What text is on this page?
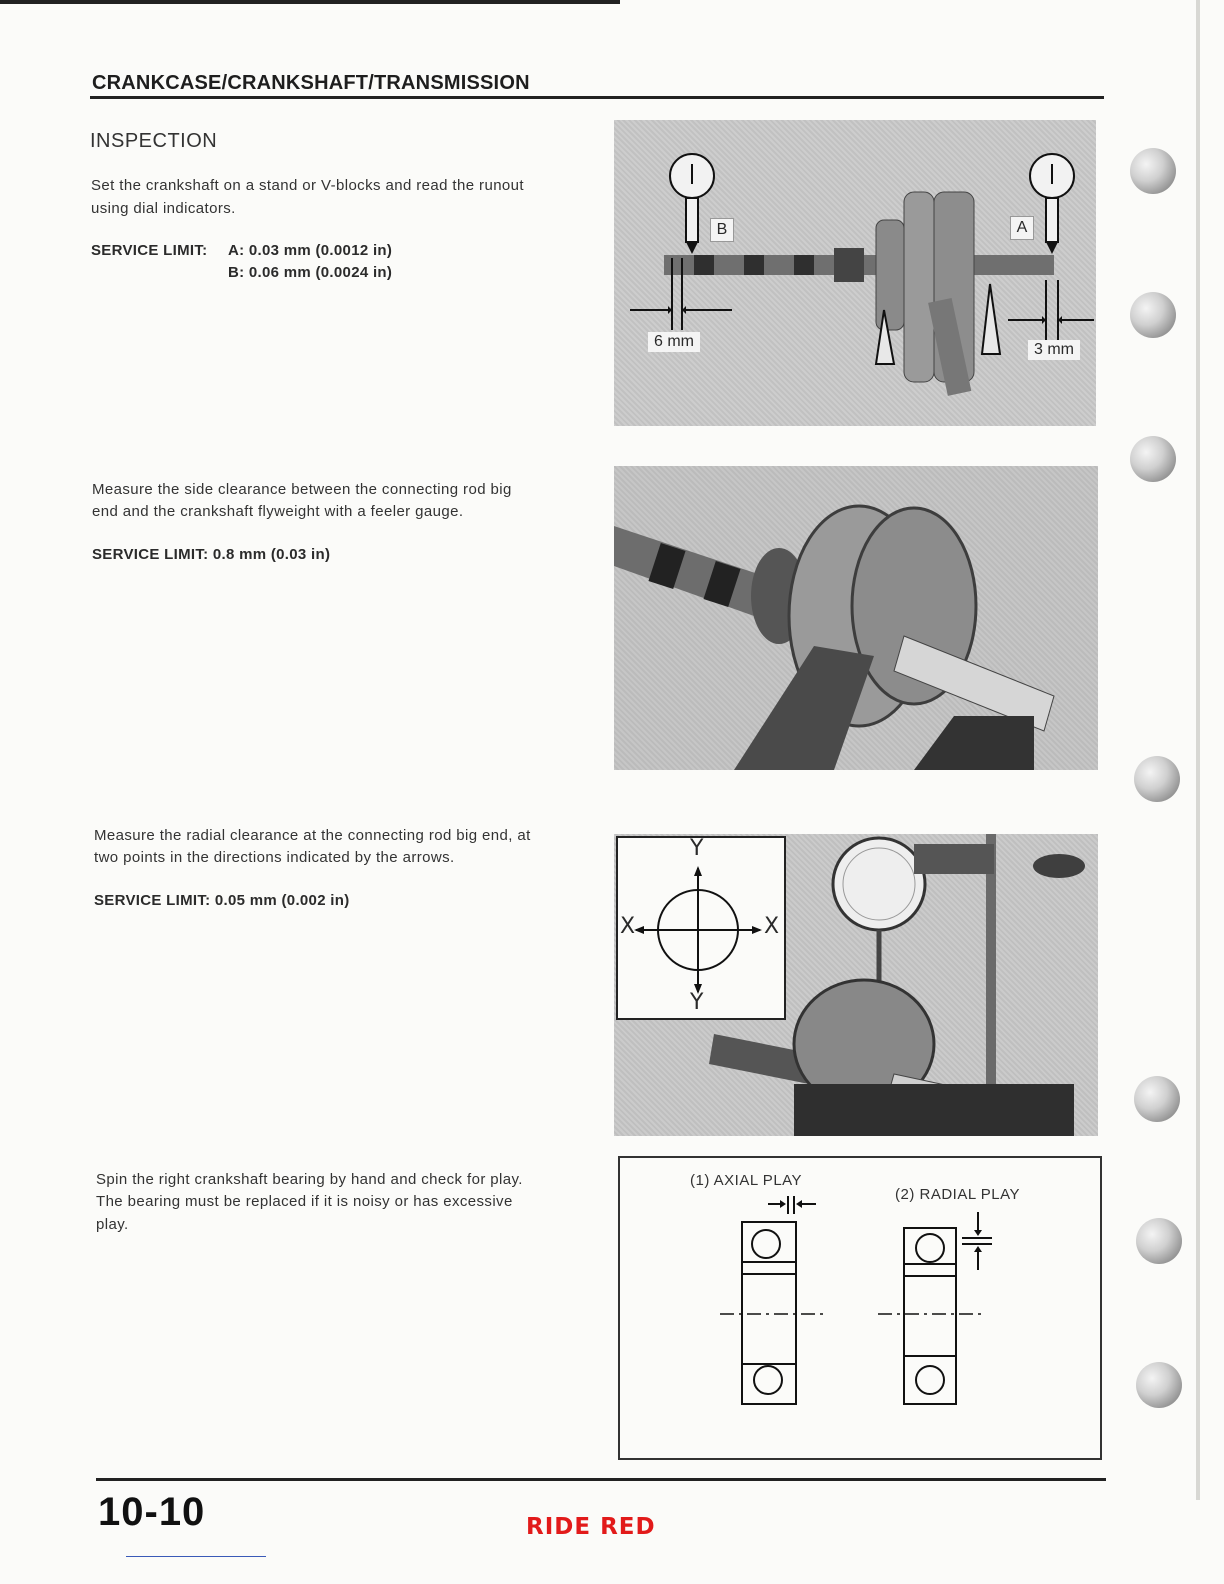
CRANKCASE/CRANKSHAFT/TRANSMISSION
INSPECTION
Set the crankshaft on a stand or V-blocks and read the runout
using dial indicators.
SERVICE LIMIT: A: 0.03 mm (0.0012 in)
B: 0.06 mm (0.0024 in)
B	A
6 mm	3 mm
Measure the side clearance between the connecting rod big
end and the crankshaft flyweight with a feeler gauge.
SERVICE LIMIT: 0.8 mm (0.03 in)
Measure the radial clearance at the connecting rod big end, at
two points in the directions indicated by the arrows.
SERVICE LIMIT: 0.05 mm (0.002 in)
Y
Y
X	X
Spin the right crankshaft bearing by hand and check for play.
The bearing must be replaced if it is noisy or has excessive
play.
(1) AXIAL PLAY
(2) RADIAL PLAY
10-10	RIDE RED
